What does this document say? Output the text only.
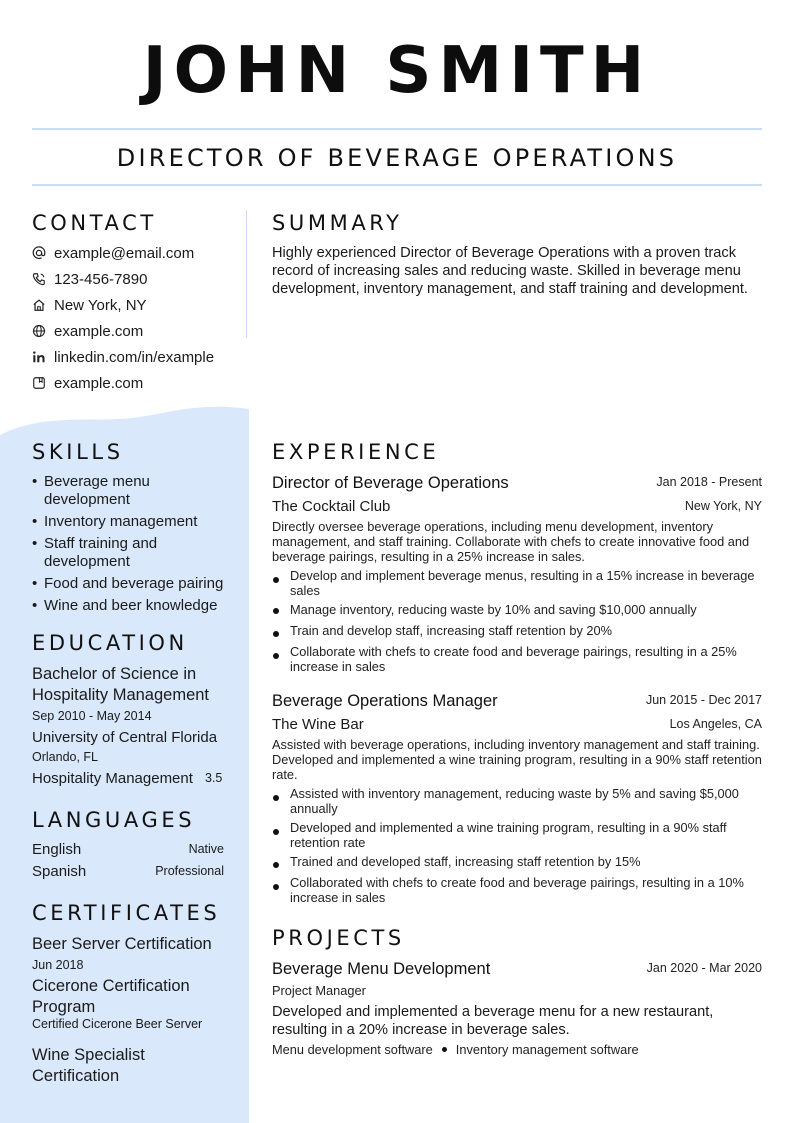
JOHN SMITH
DIRECTOR OF BEVERAGE OPERATIONS
CONTACT
example@email.com
123-456-7890
New York, NY
example.com
linkedin.com/in/example
example.com
SKILLS
• Beverage menu development
• Inventory management
• Staff training and development
• Food and beverage pairing
• Wine and beer knowledge
EDUCATION
Bachelor of Science in Hospitality Management
Sep 2010 - May 2014
University of Central Florida
Orlando, FL
Hospitality Management 3.5
LANGUAGES
English	Native
Spanish	Professional
CERTIFICATES
Beer Server Certification
Jun 2018
Cicerone Certification Program
Certified Cicerone Beer Server
Wine Specialist Certification
SUMMARY
Highly experienced Director of Beverage Operations with a proven track record of increasing sales and reducing waste. Skilled in beverage menu development, inventory management, and staff training and development.
EXPERIENCE
Director of Beverage Operations	Jan 2018 - Present
The Cocktail Club	New York, NY
Directly oversee beverage operations, including menu development, inventory management, and staff training. Collaborate with chefs to create innovative food and beverage pairings, resulting in a 25% increase in sales.
Develop and implement beverage menus, resulting in a 15% increase in beverage sales
Manage inventory, reducing waste by 10% and saving $10,000 annually
Train and develop staff, increasing staff retention by 20%
Collaborate with chefs to create food and beverage pairings, resulting in a 25% increase in sales
Beverage Operations Manager	Jun 2015 - Dec 2017
The Wine Bar	Los Angeles, CA
Assisted with beverage operations, including inventory management and staff training. Developed and implemented a wine training program, resulting in a 90% staff retention rate.
Assisted with inventory management, reducing waste by 5% and saving $5,000 annually
Developed and implemented a wine training program, resulting in a 90% staff retention rate
Trained and developed staff, increasing staff retention by 15%
Collaborated with chefs to create food and beverage pairings, resulting in a 10% increase in sales
PROJECTS
Beverage Menu Development	Jan 2020 - Mar 2020
Project Manager
Developed and implemented a beverage menu for a new restaurant, resulting in a 20% increase in beverage sales.
Menu development software Inventory management software
